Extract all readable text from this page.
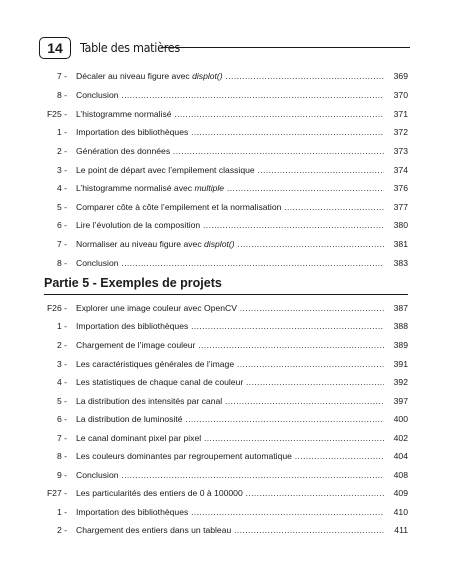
14	Table des matières
7 - Décaler au niveau figure avec displot() .....	369
8 - Conclusion .....	370
F25 - L’histogramme normalisé .....	371
1 - Importation des bibliothèques .....	372
2 - Génération des données .....	373
3 - Le point de départ avec l’empilement classique .....	374
4 - L’histogramme normalisé avec multiple .....	376
5 - Comparer côte à côte l’empilement et la normalisation .....	377
6 - Lire l’évolution de la composition .....	380
7 - Normaliser au niveau figure avec displot() .....	381
8 - Conclusion .....	383
Partie 5 - Exemples de projets
F26 - Explorer une image couleur avec OpenCV .....	387
1 - Importation des bibliothèques .....	388
2 - Chargement de l’image couleur .....	389
3 - Les caractéristiques générales de l’image .....	391
4 - Les statistiques de chaque canal de couleur .....	392
5 - La distribution des intensités par canal .....	397
6 - La distribution de luminosité .....	400
7 - Le canal dominant pixel par pixel .....	402
8 - Les couleurs dominantes par regroupement automatique .....	404
9 - Conclusion .....	408
F27 - Les particularités des entiers de 0 à 100000 .....	409
1 - Importation des bibliothèques .....	410
2 - Chargement des entiers dans un tableau .....	411
